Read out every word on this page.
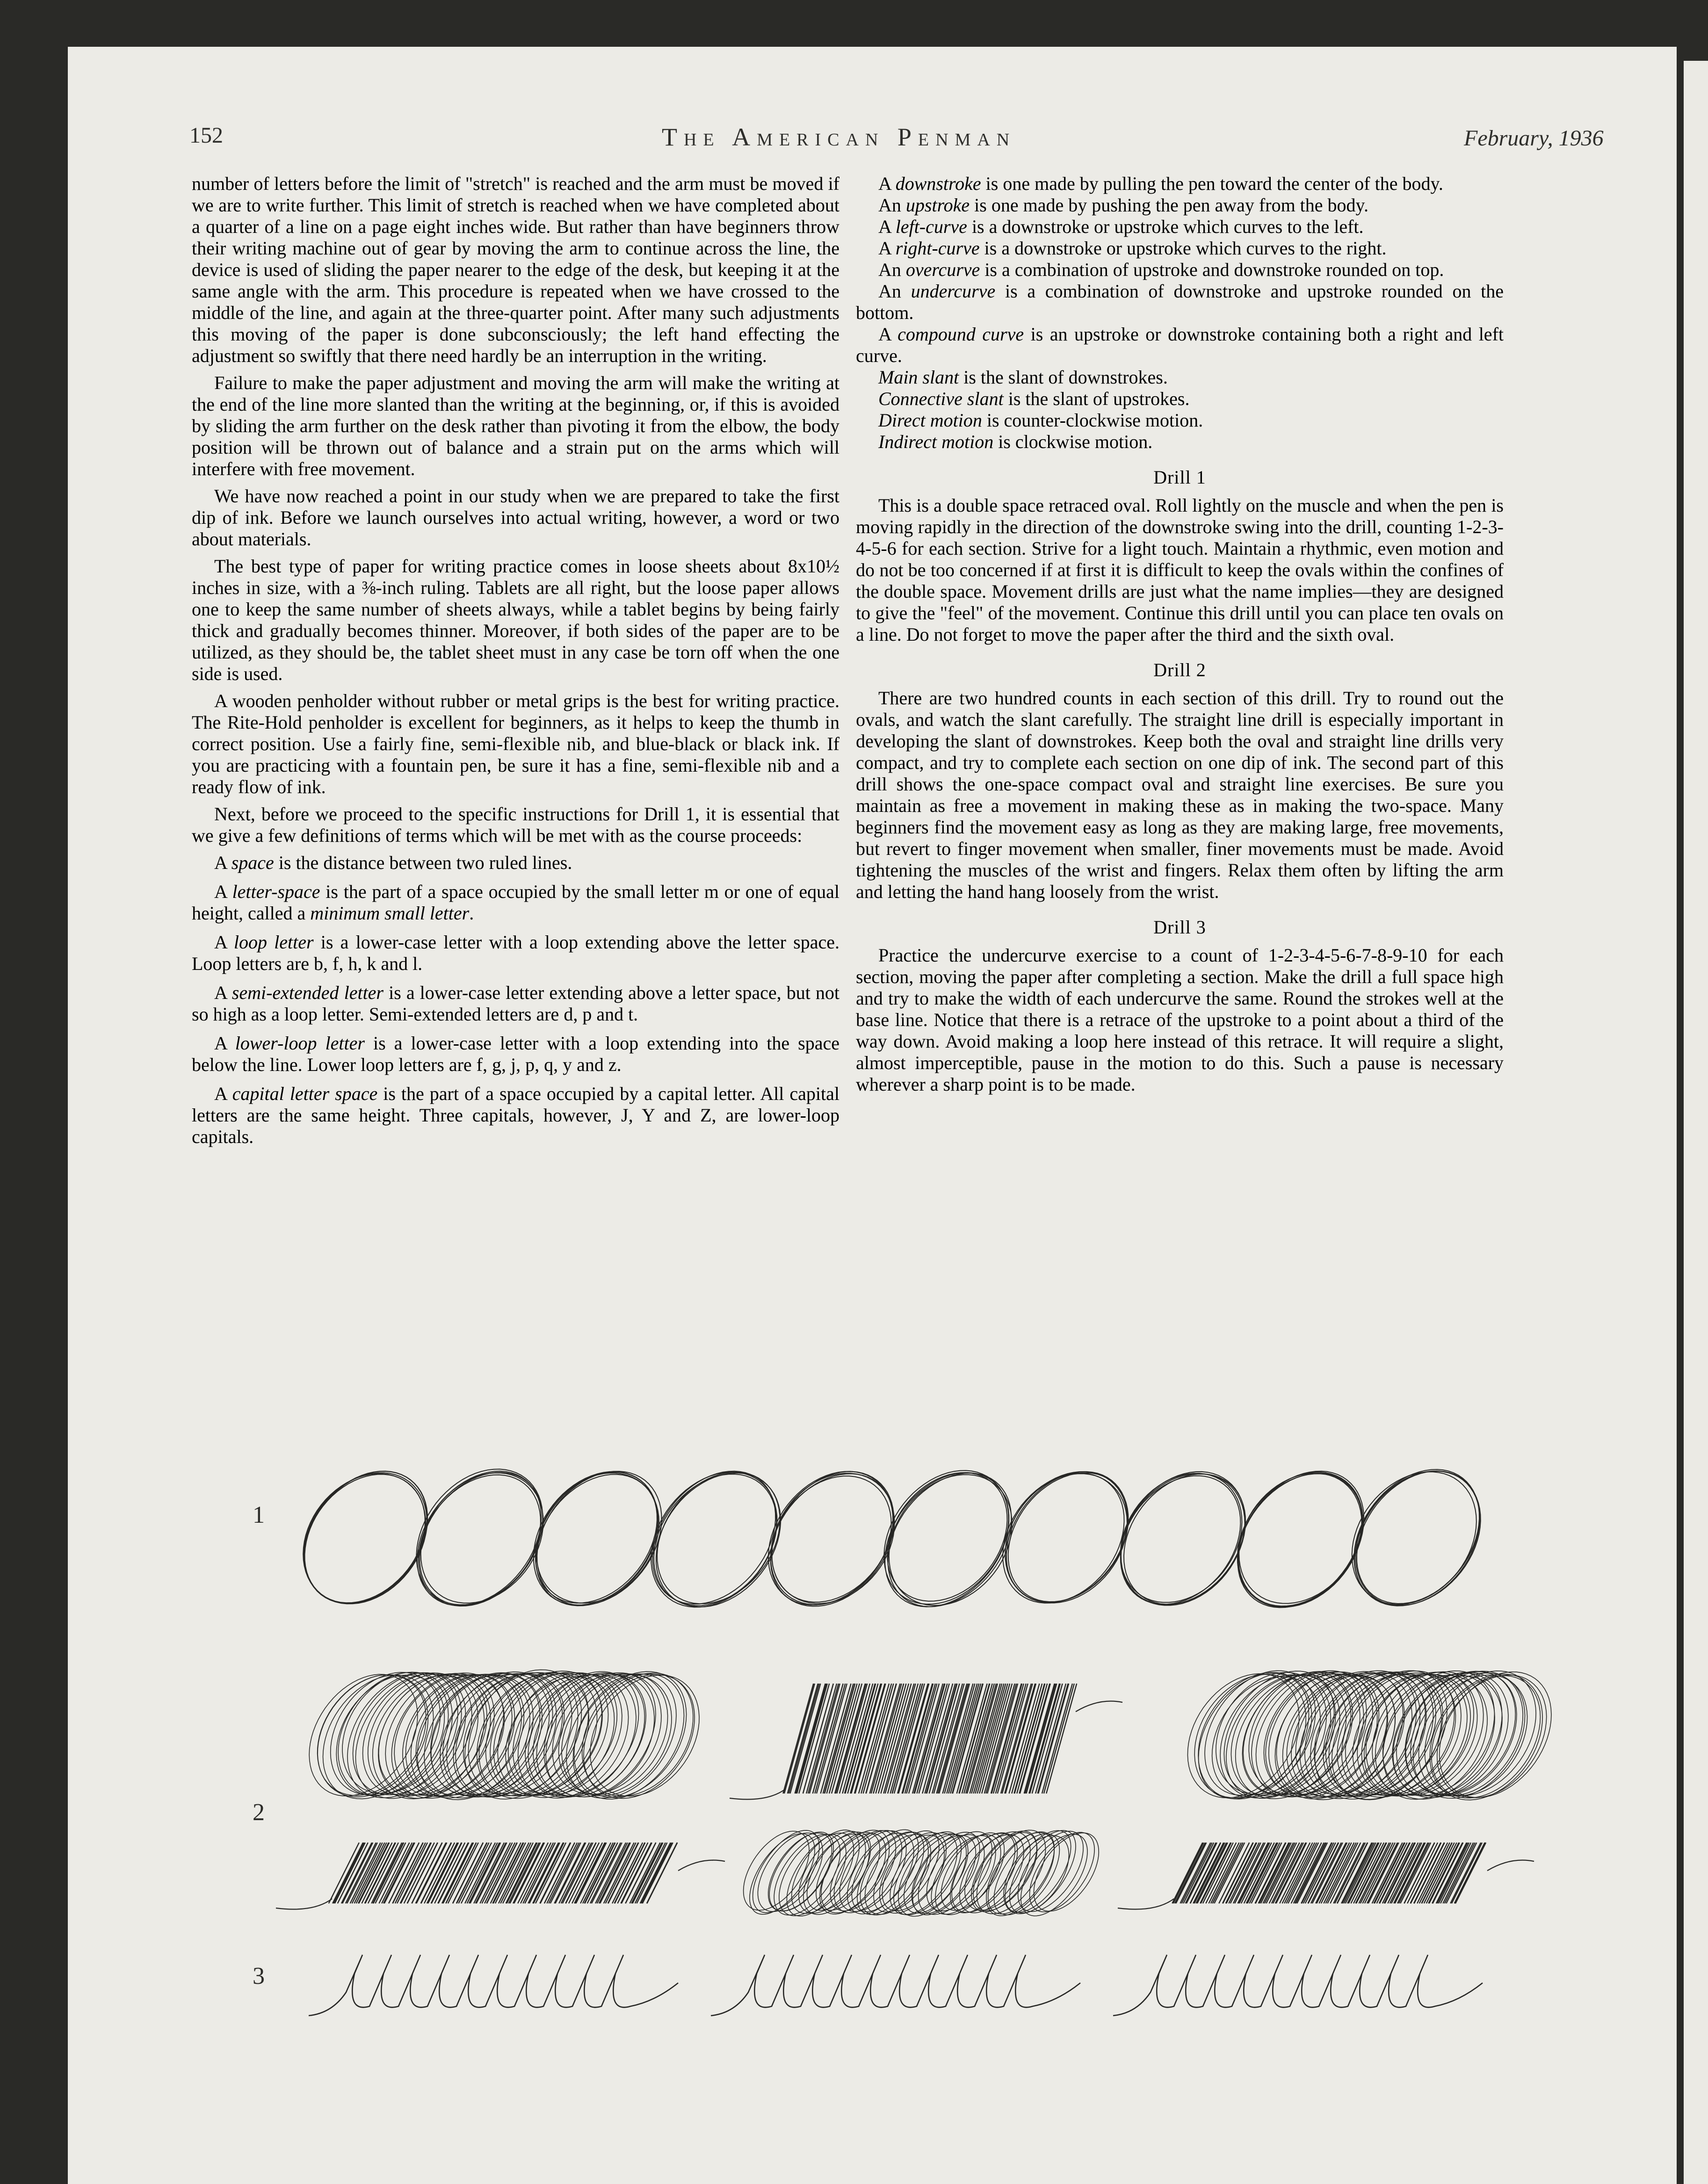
152	The American Penman	February, 1936

number of letters before the limit of "stretch" is reached and the arm must be moved if we are to write further. This limit of stretch is reached when we have completed about a quarter of a line on a page eight inches wide. But rather than have beginners throw their writing machine out of gear by moving the arm to continue across the line, the device is used of sliding the paper nearer to the edge of the desk, but keeping it at the same angle with the arm. This procedure is repeated when we have crossed to the middle of the line, and again at the three-quarter point. After many such adjustments this moving of the paper is done subconsciously; the left hand effecting the adjustment so swiftly that there need hardly be an interruption in the writing.

Failure to make the paper adjustment and moving the arm will make the writing at the end of the line more slanted than the writing at the beginning, or, if this is avoided by sliding the arm further on the desk rather than pivoting it from the elbow, the body position will be thrown out of balance and a strain put on the arms which will interfere with free movement.

We have now reached a point in our study when we are prepared to take the first dip of ink. Before we launch ourselves into actual writing, however, a word or two about materials.

The best type of paper for writing practice comes in loose sheets about 8x10½ inches in size, with a ⅜-inch ruling. Tablets are all right, but the loose paper allows one to keep the same number of sheets always, while a tablet begins by being fairly thick and gradually becomes thinner. Moreover, if both sides of the paper are to be utilized, as they should be, the tablet sheet must in any case be torn off when the one side is used.

A wooden penholder without rubber or metal grips is the best for writing practice. The Rite-Hold penholder is excellent for beginners, as it helps to keep the thumb in correct position. Use a fairly fine, semi-flexible nib, and blue-black or black ink. If you are practicing with a fountain pen, be sure it has a fine, semi-flexible nib and a ready flow of ink.

Next, before we proceed to the specific instructions for Drill 1, it is essential that we give a few definitions of terms which will be met with as the course proceeds:

A space is the distance between two ruled lines.

A letter-space is the part of a space occupied by the small letter m or one of equal height, called a minimum small letter.

A loop letter is a lower-case letter with a loop extending above the letter space. Loop letters are b, f, h, k and l.

A semi-extended letter is a lower-case letter extending above a letter space, but not so high as a loop letter. Semi-extended letters are d, p and t.

A lower-loop letter is a lower-case letter with a loop extending into the space below the line. Lower loop letters are f, g, j, p, q, y and z.

A capital letter space is the part of a space occupied by a capital letter. All capital letters are the same height. Three capitals, however, J, Y and Z, are lower-loop capitals.

A downstroke is one made by pulling the pen toward the center of the body.

An upstroke is one made by pushing the pen away from the body.

A left-curve is a downstroke or upstroke which curves to the left.

A right-curve is a downstroke or upstroke which curves to the right.

An overcurve is a combination of upstroke and downstroke rounded on top.

An undercurve is a combination of downstroke and upstroke rounded on the bottom.

A compound curve is an upstroke or downstroke containing both a right and left curve.

Main slant is the slant of downstrokes.

Connective slant is the slant of upstrokes.

Direct motion is counter-clockwise motion.

Indirect motion is clockwise motion.

Drill 1

This is a double space retraced oval. Roll lightly on the muscle and when the pen is moving rapidly in the direction of the downstroke swing into the drill, counting 1-2-3-4-5-6 for each section. Strive for a light touch. Maintain a rhythmic, even motion and do not be too concerned if at first it is difficult to keep the ovals within the confines of the double space. Movement drills are just what the name implies—they are designed to give the "feel" of the movement. Continue this drill until you can place ten ovals on a line. Do not forget to move the paper after the third and the sixth oval.

Drill 2

There are two hundred counts in each section of this drill. Try to round out the ovals, and watch the slant carefully. The straight line drill is especially important in developing the slant of downstrokes. Keep both the oval and straight line drills very compact, and try to complete each section on one dip of ink. The second part of this drill shows the one-space compact oval and straight line exercises. Be sure you maintain as free a movement in making these as in making the two-space. Many beginners find the movement easy as long as they are making large, free movements, but revert to finger movement when smaller, finer movements must be made. Avoid tightening the muscles of the wrist and fingers. Relax them often by lifting the arm and letting the hand hang loosely from the wrist.

Drill 3

Practice the undercurve exercise to a count of 1-2-3-4-5-6-7-8-9-10 for each section, moving the paper after completing a section. Make the drill a full space high and try to make the width of each undercurve the same. Round the strokes well at the base line. Notice that there is a retrace of the upstroke to a point about a third of the way down. Avoid making a loop here instead of this retrace. It will require a slight, almost imperceptible, pause in the motion to do this. Such a pause is necessary wherever a sharp point is to be made.

1
2
3
